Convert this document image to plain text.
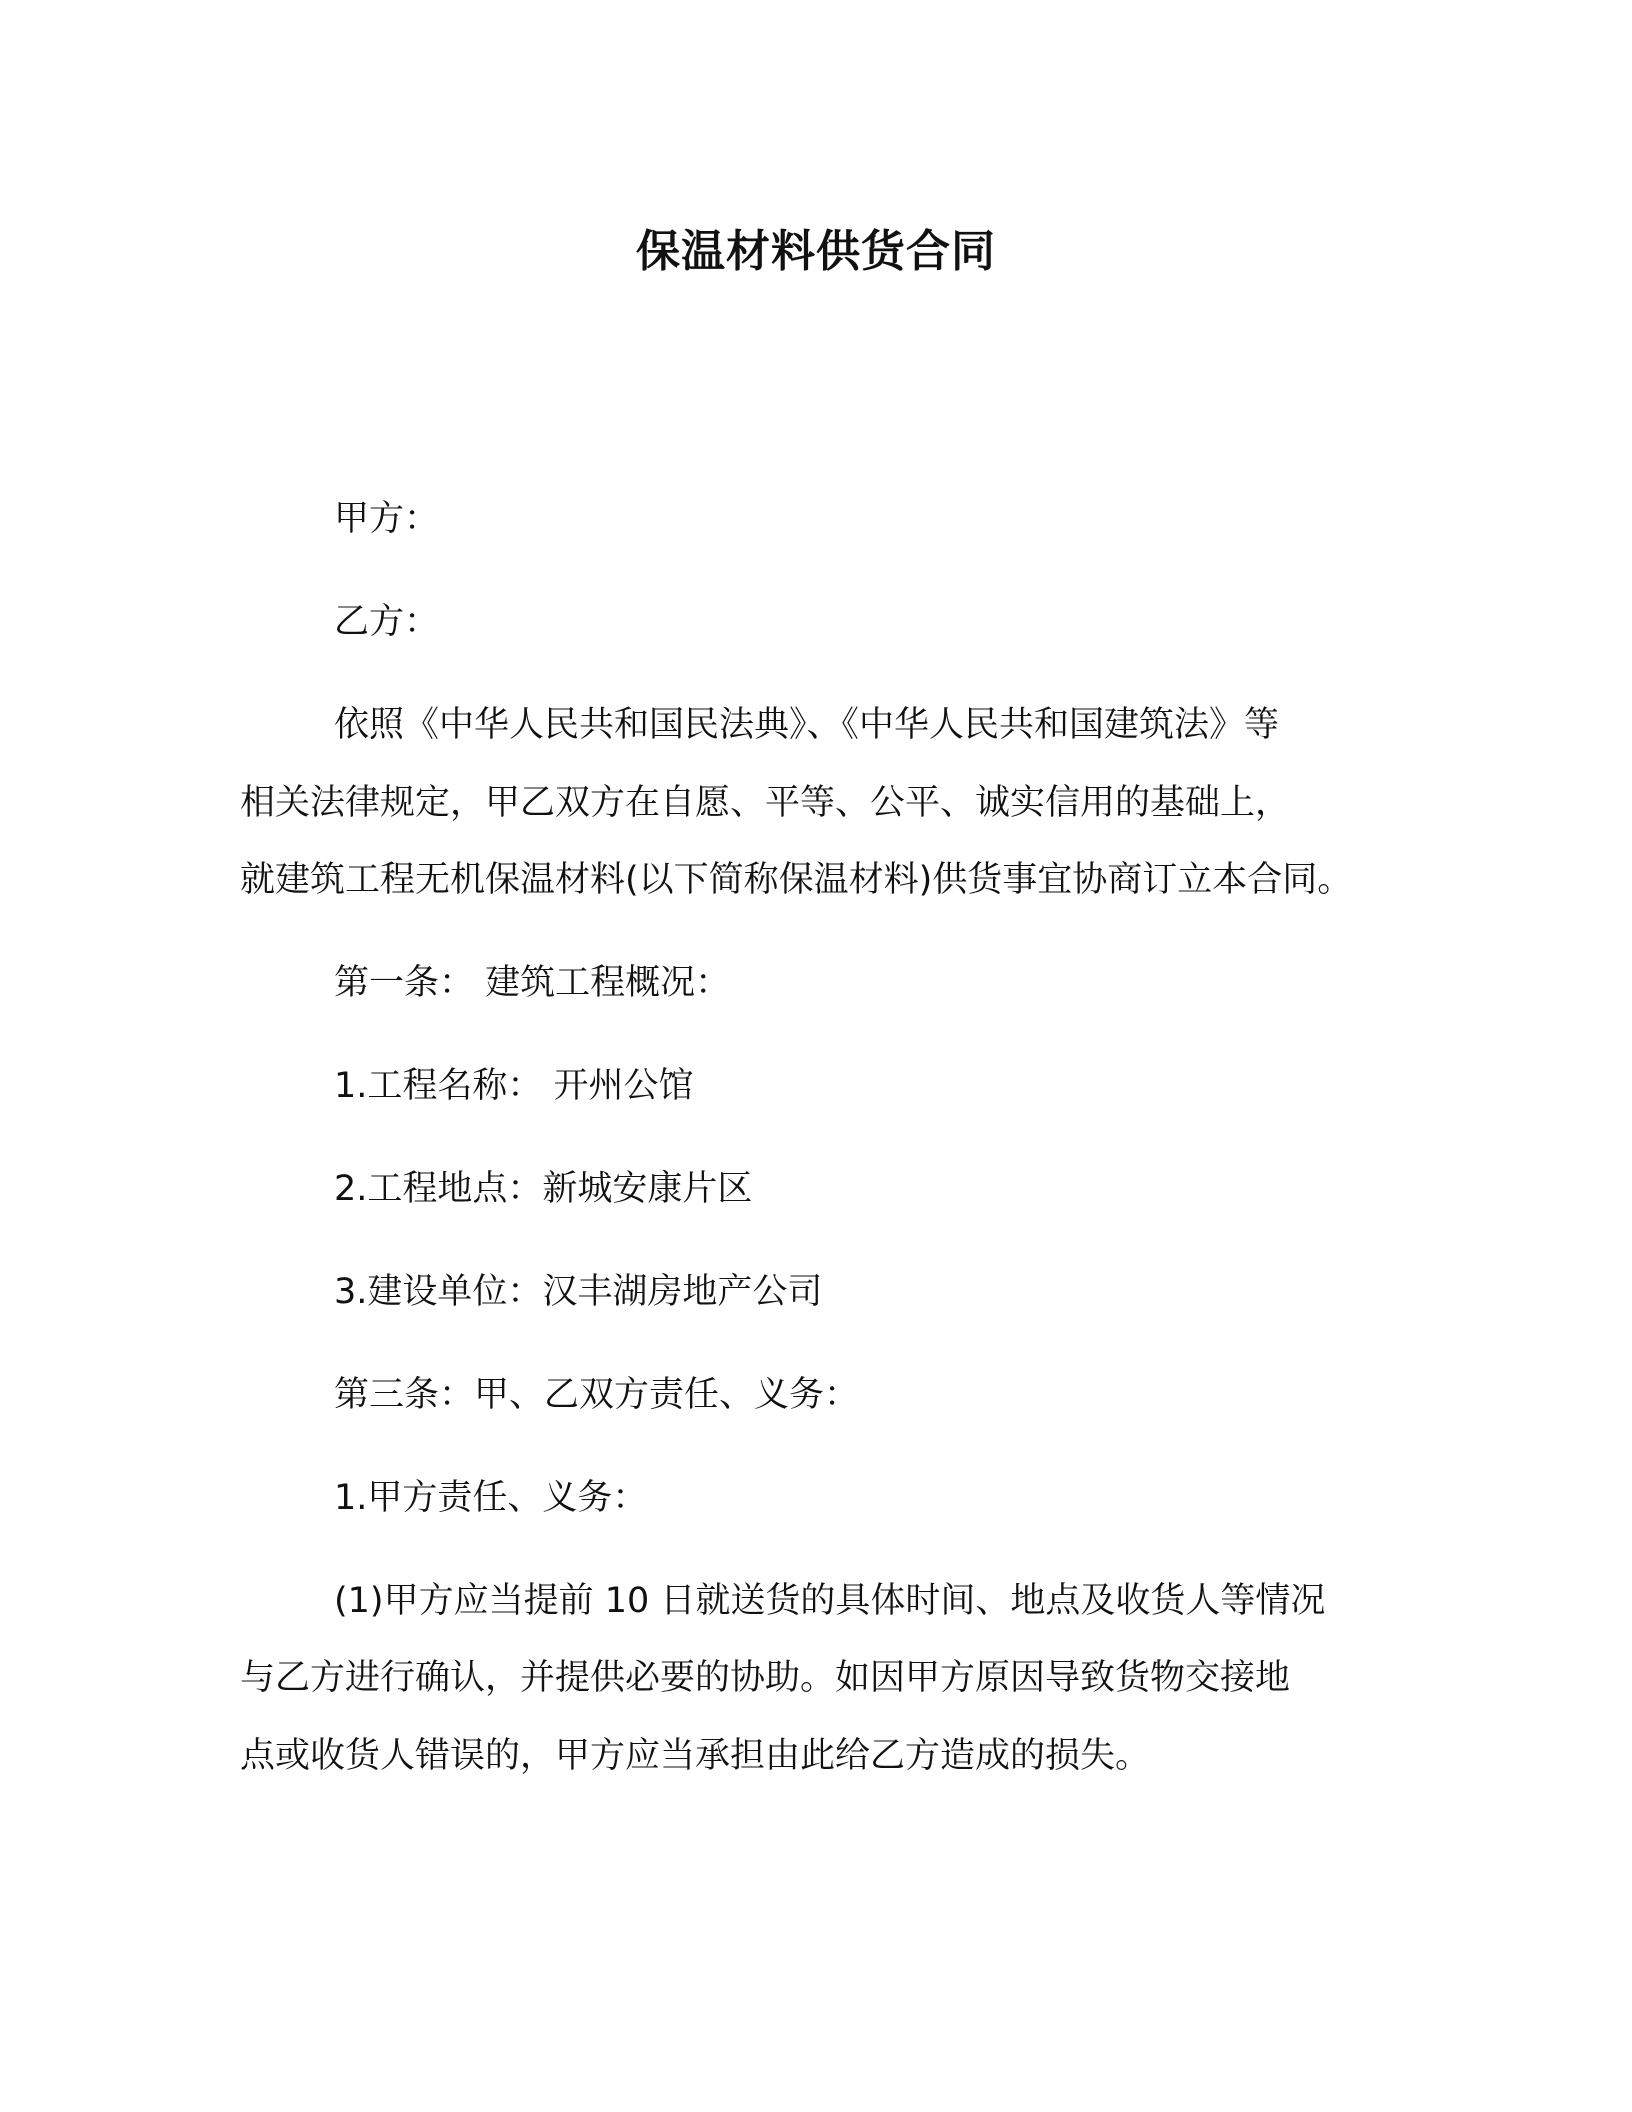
保温材料供货合同
甲方：
乙方：
依照《中华人民共和国民法典》、《中华人民共和国建筑法》等
相关法律规定，甲乙双方在自愿、平等、公平、诚实信用的基础上，
就建筑工程无机保温材料(以下简称保温材料)供货事宜协商订立本合同。
第一条： 建筑工程概况：
1.工程名称： 开州公馆
2.工程地点：新城安康片区
3.建设单位：汉丰湖房地产公司
第三条：甲、乙双方责任、义务：
1.甲方责任、义务：
(1)甲方应当提前 10 日就送货的具体时间、地点及收货人等情况
与乙方进行确认，并提供必要的协助。如因甲方原因导致货物交接地
点或收货人错误的，甲方应当承担由此给乙方造成的损失。
